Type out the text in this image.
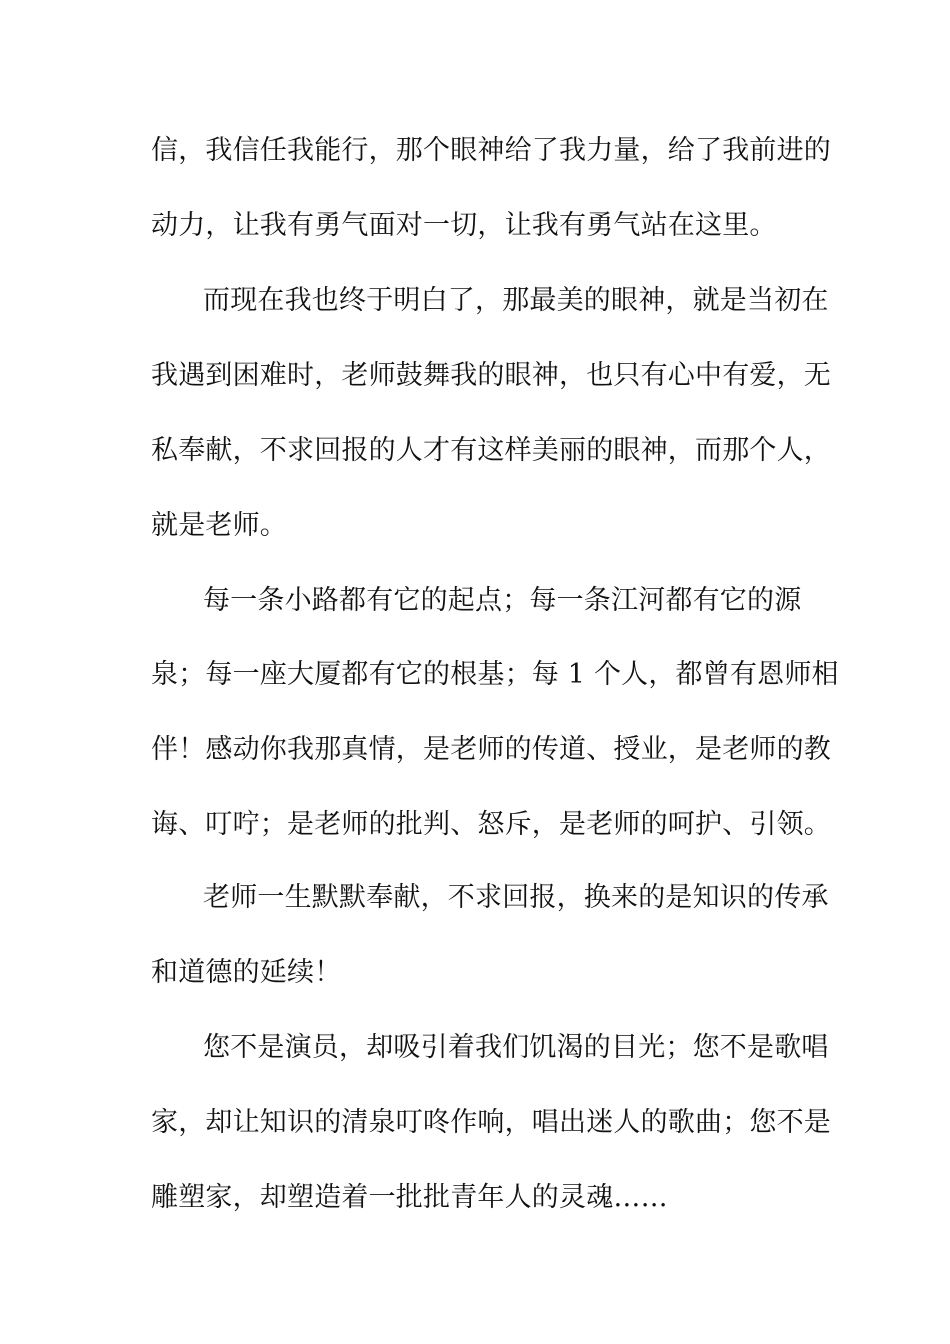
信，我信任我能行，那个眼神给了我力量，给了我前进的
动力，让我有勇气面对一切，让我有勇气站在这里。
而现在我也终于明白了，那最美的眼神，就是当初在
我遇到困难时，老师鼓舞我的眼神，也只有心中有爱，无
私奉献，不求回报的人才有这样美丽的眼神，而那个人，
就是老师。
每一条小路都有它的起点；每一条江河都有它的源
泉；每一座大厦都有它的根基；每 1 个人，都曾有恩师相
伴！感动你我那真情，是老师的传道、授业，是老师的教
诲、叮咛；是老师的批判、怒斥，是老师的呵护、引领。
老师一生默默奉献，不求回报，换来的是知识的传承
和道德的延续！
您不是演员，却吸引着我们饥渴的目光；您不是歌唱
家，却让知识的清泉叮咚作响，唱出迷人的歌曲；您不是
雕塑家，却塑造着一批批青年人的灵魂……
